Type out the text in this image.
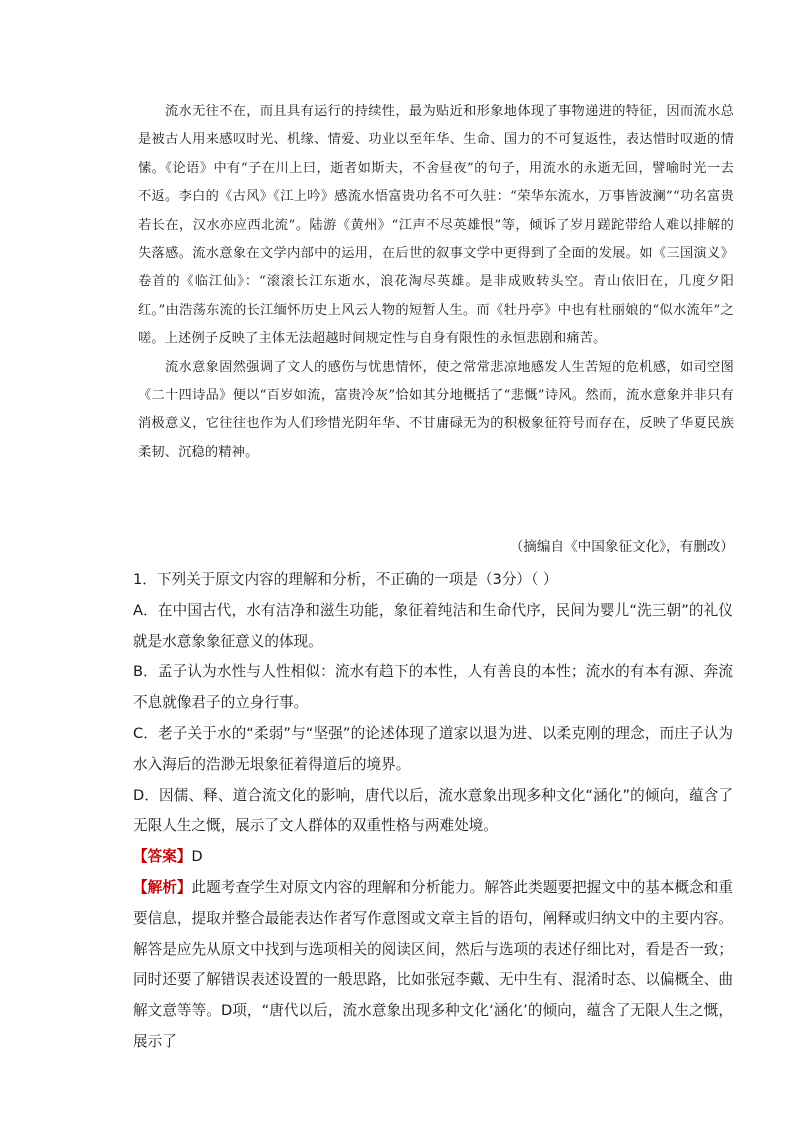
流水无往不在，而且具有运行的持续性，最为贴近和形象地体现了事物递进的特征，因而流水总是被古人用来感叹时光、机缘、情爱、功业以至年华、生命、国力的不可复返性，表达惜时叹逝的情愫。《论语》中有“子在川上曰，逝者如斯夫，不舍昼夜”的句子，用流水的永逝无回，譬喻时光一去不返。李白的《古风》《江上吟》感流水悟富贵功名不可久驻：“荣华东流水，万事皆波澜”“功名富贵若长在，汉水亦应西北流”。陆游《黄州》“江声不尽英雄恨”等，倾诉了岁月蹉跎带给人难以排解的失落感。流水意象在文学内部中的运用，在后世的叙事文学中更得到了全面的发展。如《三国演义》卷首的《临江仙》：“滚滚长江东逝水，浪花淘尽英雄。是非成败转头空。青山依旧在，几度夕阳红。”由浩荡东流的长江缅怀历史上风云人物的短暂人生。而《牡丹亭》中也有杜丽娘的“似水流年”之嗟。上述例子反映了主体无法超越时间规定性与自身有限性的永恒悲剧和痛苦。

流水意象固然强调了文人的感伤与忧患情怀，使之常常悲凉地感发人生苦短的危机感，如司空图《二十四诗品》便以“百岁如流，富贵冷灰”恰如其分地概括了“悲慨”诗风。然而，流水意象并非只有消极意义，它往往也作为人们珍惜光阴年华、不甘庸碌无为的积极象征符号而存在，反映了华夏民族柔韧、沉稳的精神。

（摘编自《中国象征文化》，有删改）

1．下列关于原文内容的理解和分析，不正确的一项是（3分）（ ）

A．在中国古代，水有洁净和滋生功能，象征着纯洁和生命代序，民间为婴儿“洗三朝”的礼仪就是水意象象征意义的体现。

B．孟子认为水性与人性相似：流水有趋下的本性，人有善良的本性；流水的有本有源、奔流不息就像君子的立身行事。

C．老子关于水的“柔弱”与“坚强”的论述体现了道家以退为进、以柔克刚的理念，而庄子认为水入海后的浩渺无垠象征着得道后的境界。

D．因儒、释、道合流文化的影响，唐代以后，流水意象出现多种文化“涵化”的倾向，蕴含了无限人生之慨，展示了文人群体的双重性格与两难处境。

【答案】D

【解析】此题考查学生对原文内容的理解和分析能力。解答此类题要把握文中的基本概念和重要信息，提取并整合最能表达作者写作意图或文章主旨的语句，阐释或归纳文中的主要内容。解答是应先从原文中找到与选项相关的阅读区间，然后与选项的表述仔细比对，看是否一致；同时还要了解错误表述设置的一般思路，比如张冠李戴、无中生有、混淆时态、以偏概全、曲解文意等等。D项，“唐代以后，流水意象出现多种文化‘涵化’的倾向，蕴含了无限人生之慨，展示了
